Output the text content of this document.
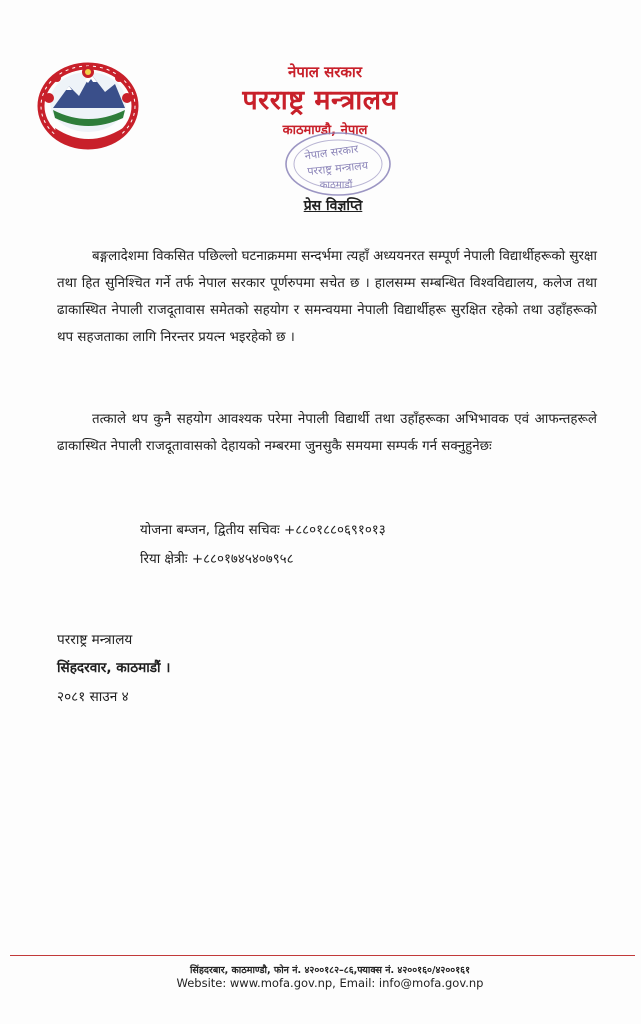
नेपाल सरकार
परराष्ट्र मन्त्रालय
काठमाण्डौ, नेपाल
नेपाल सरकार
परराष्ट्र मन्त्रालय
काठमाडौं
प्रेस विज्ञप्ति
बङ्गलादेशमा विकसित पछिल्लो घटनाक्रममा सन्दर्भमा त्यहाँ अध्ययनरत सम्पूर्ण नेपाली विद्यार्थीहरूको सुरक्षा तथा हित सुनिश्चित गर्ने तर्फ नेपाल सरकार पूर्णरुपमा सचेत छ । हालसम्म सम्बन्धित विश्वविद्यालय, कलेज तथा ढाकास्थित नेपाली राजदूतावास समेतको सहयोग र समन्वयमा नेपाली विद्यार्थीहरू सुरक्षित रहेको तथा उहाँहरूको थप सहजताका लागि निरन्तर प्रयत्न भइरहेको छ ।
तत्काले थप कुनै सहयोग आवश्यक परेमा नेपाली विद्यार्थी तथा उहाँहरूका अभिभावक एवं आफन्तहरूले ढाकास्थित नेपाली राजदूतावासको देहायको नम्बरमा जुनसुकै समयमा सम्पर्क गर्न सक्नुहुनेछः
योजना बम्जन, द्वितीय सचिवः +८८०१८८०६९१०१३
रिया क्षेत्रीः +८८०१७४५४०७९५८
परराष्ट्र मन्त्रालय
सिंहदरवार, काठमाडौं ।
२०८१ साउन ४
सिंहदरबार, काठमाण्डौ, फोन नं. ४२००१८२–८६,फ्याक्स नं. ४२००१६०/४२००१६१
Website: www.mofa.gov.np, Email: info@mofa.gov.np
